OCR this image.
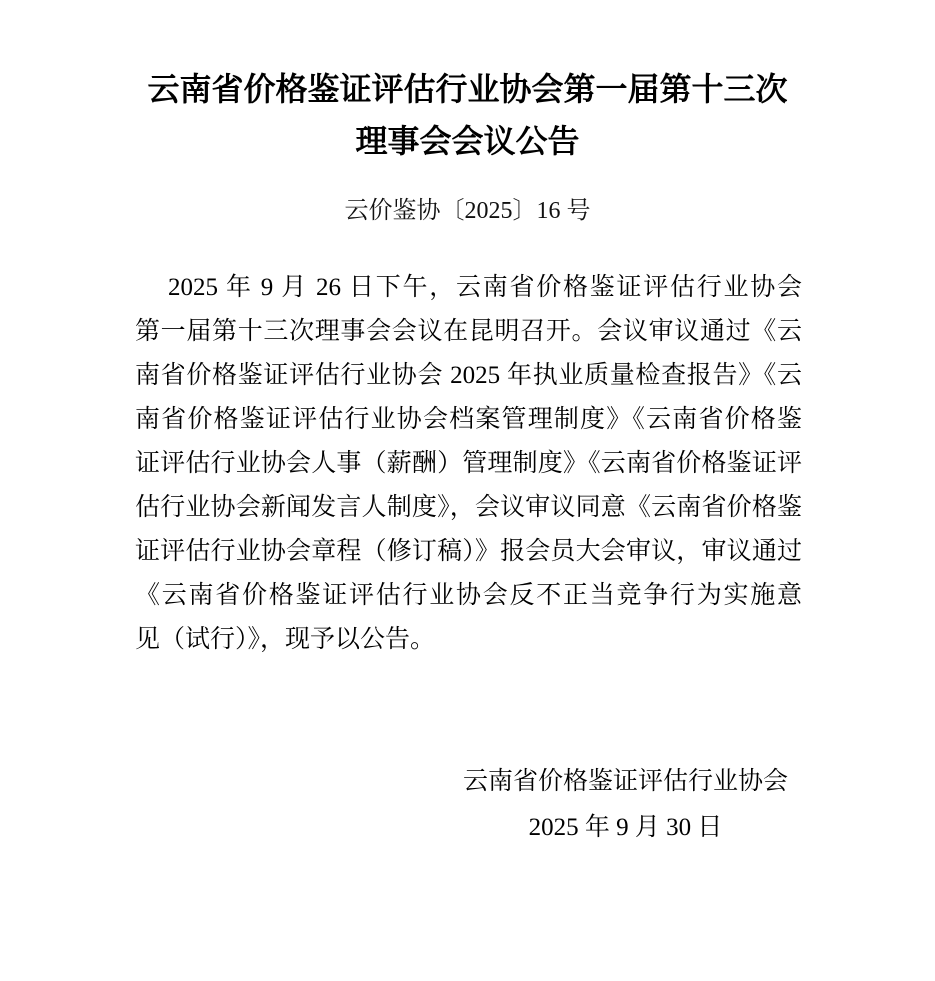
云南省价格鉴证评估行业协会第一届第十三次
理事会会议公告
云价鉴协〔2025〕16 号
2025 年 9 月 26 日下午，云南省价格鉴证评估行业协会
第一届第十三次理事会会议在昆明召开。会议审议通过《云
南省价格鉴证评估行业协会 2025 年执业质量检查报告》《云
南省价格鉴证评估行业协会档案管理制度》《云南省价格鉴
证评估行业协会人事（薪酬）管理制度》《云南省价格鉴证评
估行业协会新闻发言人制度》，会议审议同意《云南省价格鉴
证评估行业协会章程（修订稿）》报会员大会审议，审议通过
《云南省价格鉴证评估行业协会反不正当竞争行为实施意
见（试行）》，现予以公告。
云南省价格鉴证评估行业协会
2025 年 9 月 30 日
